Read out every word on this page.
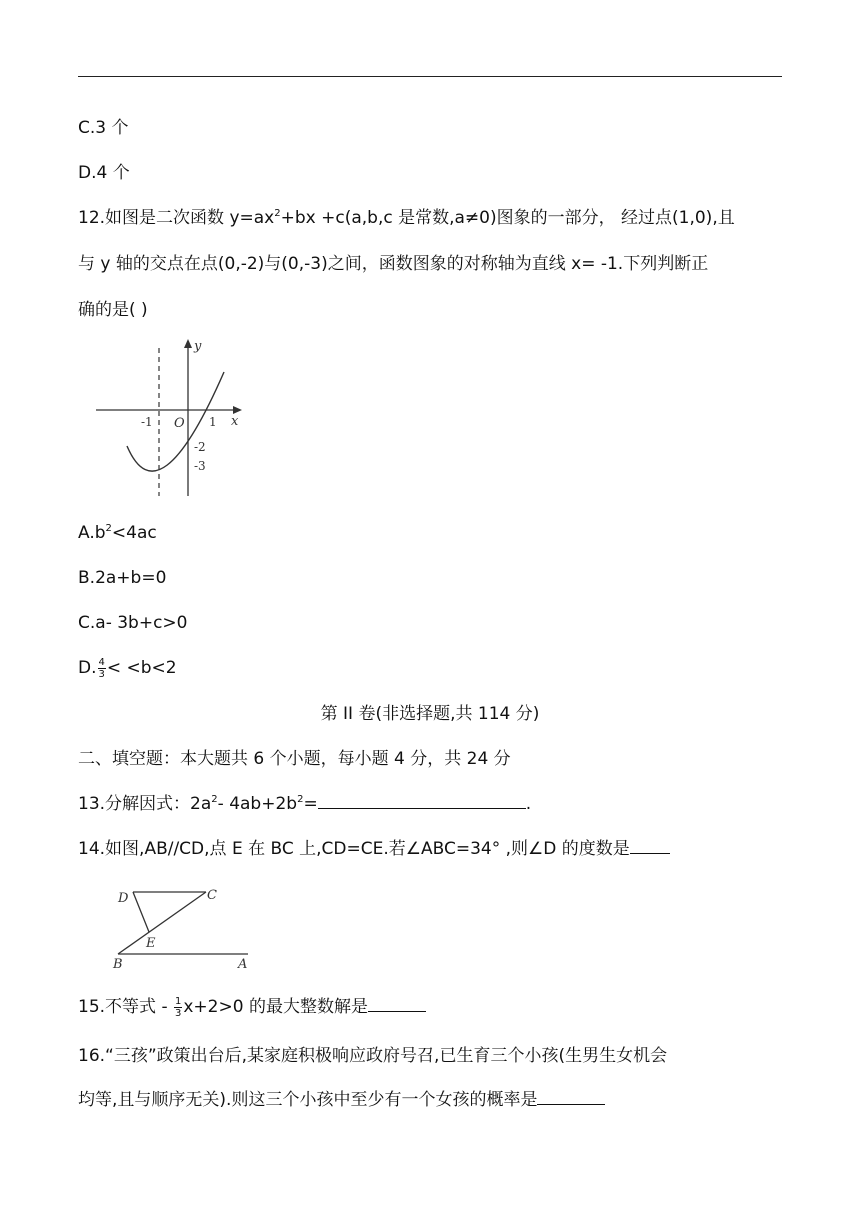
C.3 个
D.4 个
12.如图是二次函数 $y=ax^2+bx +c(a,b,c$ 是常数,a≠0)图象的一部分， 经过点(1,0),且
与 y 轴的交点在点(0,-2)与(0,-3)之间，函数图象的对称轴为直线 x= -1.下列判断正
确的是( )
y
x
O
-1	1
-2
-3
$A.b^2<4ac$
B.2a+b=0
C.a- 3b+c>0
D. $\frac{4}{3} < <b<2$
第 II 卷(非选择题,共 114 分)
二、填空题：本大题共 6 个小题，每小题 4 分，共 24 分
13.分解因式：$2a^2-$ $4ab+2b^2=$	.
14.如图,AB//CD,点 E 在 BC 上,CD=CE.若∠ABC=34° ,则∠D 的度数是
D	C
E
B	A
15.不等式 - $\frac{1}{3} x+2>0$ 的最大整数解是
16.“三孩”政策出台后,某家庭积极响应政府号召,已生育三个小孩(生男生女机会
均等,且与顺序无关).则这三个小孩中至少有一个女孩的概率是
